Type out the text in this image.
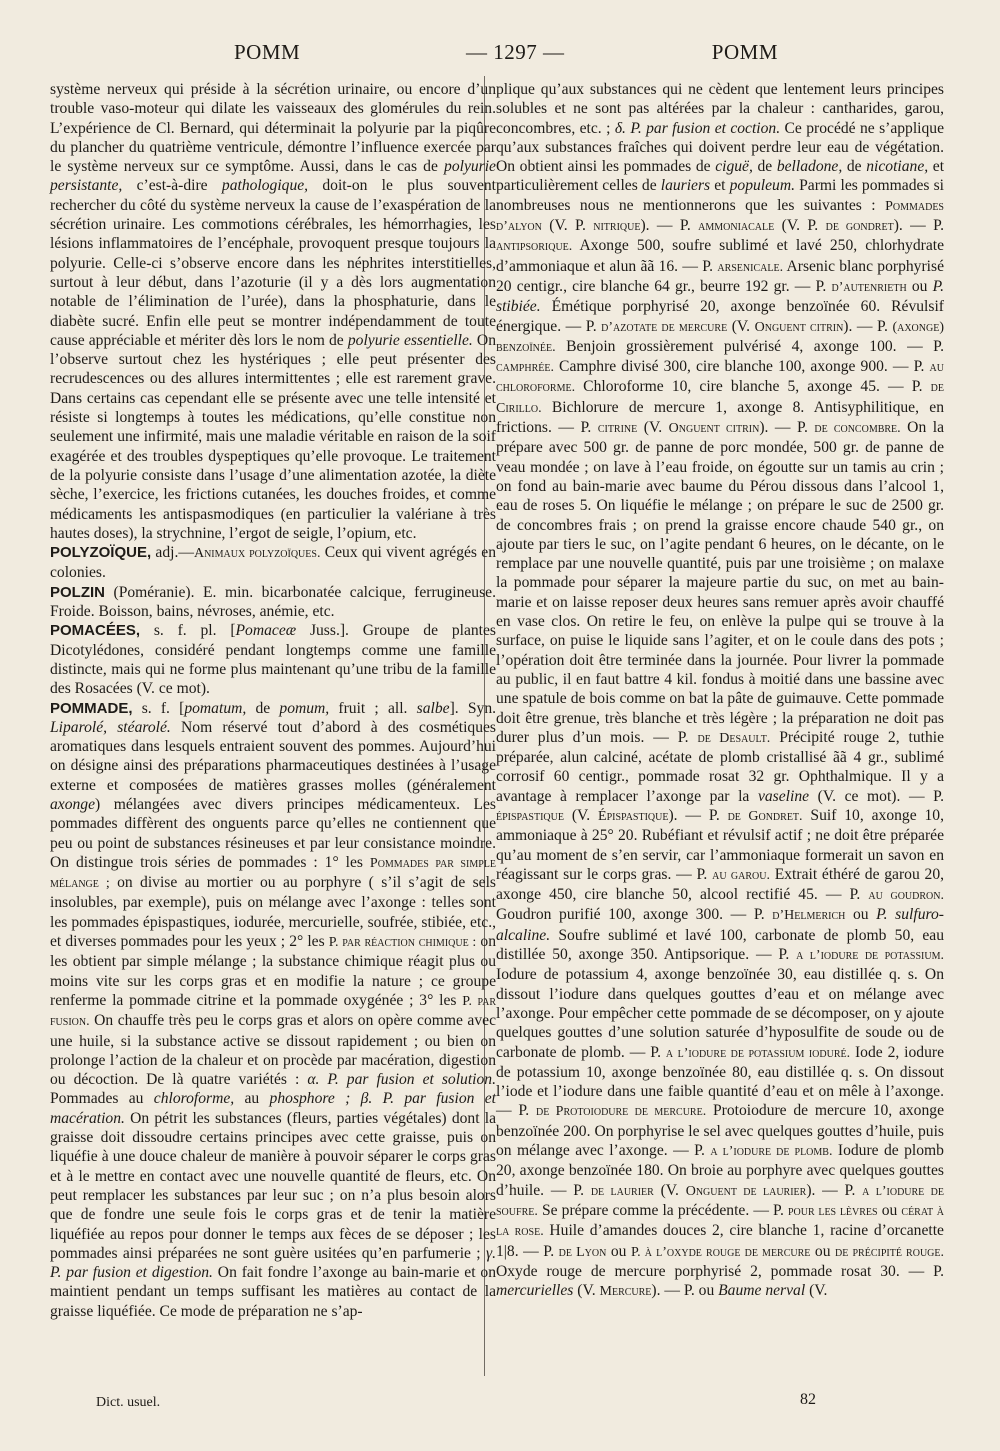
POMM	— 1297 —	POMM

système nerveux qui préside à la sécrétion urinaire, ou encore d’un trouble vaso-moteur qui dilate les vaisseaux des glomérules du rein. L’expérience de Cl. Bernard, qui déterminait la polyurie par la piqûre du plancher du quatrième ventricule, démontre l’influence exercée par le système nerveux sur ce symptôme. Aussi, dans le cas de polyurie persistante, c’est-à-dire pathologique, doit-on le plus souvent rechercher du côté du système nerveux la cause de l’exaspération de la sécrétion urinaire. Les commotions cérébrales, les hémorrhagies, les lésions inflammatoires de l’encéphale, provoquent presque toujours la polyurie. Celle-ci s’observe encore dans les néphrites interstitielles, surtout à leur début, dans l’azoturie (il y a dès lors augmentation notable de l’élimination de l’urée), dans la phosphaturie, dans le diabète sucré. Enfin elle peut se montrer indépendamment de toute cause appréciable et mériter dès lors le nom de polyurie essentielle. On l’observe surtout chez les hystériques ; elle peut présenter des recrudescences ou des allures intermittentes ; elle est rarement grave. Dans certains cas cependant elle se présente avec une telle intensité et résiste si longtemps à toutes les médications, qu’elle constitue non seulement une infirmité, mais une maladie véritable en raison de la soif exagérée et des troubles dyspeptiques qu’elle provoque. Le traitement de la polyurie consiste dans l’usage d’une alimentation azotée, la diète sèche, l’exercice, les frictions cutanées, les douches froides, et comme médicaments les antispasmodiques (en particulier la valériane à très hautes doses), la strychnine, l’ergot de seigle, l’opium, etc.

POLYZOÏQUE, adj.—Animaux polyzoïques. Ceux qui vivent agrégés en colonies.

POLZIN (Poméranie). E. min. bicarbonatée calcique, ferrugineuse. Froide. Boisson, bains, névroses, anémie, etc.

POMACÉES, s. f. pl. [Pomaceæ Juss.]. Groupe de plantes Dicotylédones, considéré pendant longtemps comme une famille distincte, mais qui ne forme plus maintenant qu’une tribu de la famille des Rosacées (V. ce mot).

POMMADE, s. f. [pomatum, de pomum, fruit ; all. salbe]. Syn. Liparolé, stéarolé. Nom réservé tout d’abord à des cosmétiques aromatiques dans lesquels entraient souvent des pommes. Aujourd’hui on désigne ainsi des préparations pharmaceutiques destinées à l’usage externe et composées de matières grasses molles (généralement axonge) mélangées avec divers principes médicamenteux. Les pommades diffèrent des onguents parce qu’elles ne contiennent que peu ou point de substances résineuses et par leur consistance moindre. On distingue trois séries de pommades : 1° les Pommades par simple mélange ; on divise au mortier ou au porphyre ( s’il s’agit de sels insolubles, par exemple), puis on mélange avec l’axonge : telles sont les pommades épispastiques, iodurée, mercurielle, soufrée, stibiée, etc., et diverses pommades pour les yeux ; 2° les P. par réaction chimique : on les obtient par simple mélange ; la substance chimique réagit plus ou moins vite sur les corps gras et en modifie la nature ; ce groupe renferme la pommade citrine et la pommade oxygénée ; 3° les P. par fusion. On chauffe très peu le corps gras et alors on opère comme avec une huile, si la substance active se dissout rapidement ; ou bien on prolonge l’action de la chaleur et on procède par macération, digestion ou décoction. De là quatre variétés : α. P. par fusion et solution. Pommades au chloroforme, au phosphore ; β. P. par fusion et macération. On pétrit les substances (fleurs, parties végétales) dont la graisse doit dissoudre certains principes avec cette graisse, puis on liquéfie à une douce chaleur de manière à pouvoir séparer le corps gras et à le mettre en contact avec une nouvelle quantité de fleurs, etc. On peut remplacer les substances par leur suc ; on n’a plus besoin alors que de fondre une seule fois le corps gras et de tenir la matière liquéfiée au repos pour donner le temps aux fèces de se déposer ; les pommades ainsi préparées ne sont guère usitées qu’en parfumerie ; γ. P. par fusion et digestion. On fait fondre l’axonge au bain-marie et on maintient pendant un temps suffisant les matières au contact de la graisse liquéfiée. Ce mode de préparation ne s’ap-

plique qu’aux substances qui ne cèdent que lentement leurs principes solubles et ne sont pas altérées par la chaleur : cantharides, garou, concombres, etc. ; δ. P. par fusion et coction. Ce procédé ne s’applique qu’aux substances fraîches qui doivent perdre leur eau de végétation. On obtient ainsi les pommades de ciguë, de belladone, de nicotiane, et particulièrement celles de lauriers et populeum. Parmi les pommades si nombreuses nous ne mentionnerons que les suivantes : Pommades d’alyon (V. P. nitrique). — P. ammoniacale (V. P. de gondret). — P. antipsorique. Axonge 500, soufre sublimé et lavé 250, chlorhydrate d’ammoniaque et alun ãã 16. — P. arsenicale. Arsenic blanc porphyrisé 20 centigr., cire blanche 64 gr., beurre 192 gr. — P. d’autenrieth ou P. stibiée. Émétique porphyrisé 20, axonge benzoïnée 60. Révulsif énergique. — P. d’azotate de mercure (V. Onguent citrin). — P. (axonge) benzoïnée. Benjoin grossièrement pulvérisé 4, axonge 100. — P. camphrée. Camphre divisé 300, cire blanche 100, axonge 900. — P. au chloroforme. Chloroforme 10, cire blanche 5, axonge 45. — P. de Cirillo. Bichlorure de mercure 1, axonge 8. Antisyphilitique, en frictions. — P. citrine (V. Onguent citrin). — P. de concombre. On la prépare avec 500 gr. de panne de porc mondée, 500 gr. de panne de veau mondée ; on lave à l’eau froide, on égoutte sur un tamis au crin ; on fond au bain-marie avec baume du Pérou dissous dans l’alcool 1, eau de roses 5. On liquéfie le mélange ; on prépare le suc de 2500 gr. de concombres frais ; on prend la graisse encore chaude 540 gr., on ajoute par tiers le suc, on l’agite pendant 6 heures, on le décante, on le remplace par une nouvelle quantité, puis par une troisième ; on malaxe la pommade pour séparer la majeure partie du suc, on met au bain-marie et on laisse reposer deux heures sans remuer après avoir chauffé en vase clos. On retire le feu, on enlève la pulpe qui se trouve à la surface, on puise le liquide sans l’agiter, et on le coule dans des pots ; l’opération doit être terminée dans la journée. Pour livrer la pommade au public, il en faut battre 4 kil. fondus à moitié dans une bassine avec une spatule de bois comme on bat la pâte de guimauve. Cette pommade doit être grenue, très blanche et très légère ; la préparation ne doit pas durer plus d’un mois. — P. de Desault. Précipité rouge 2, tuthie préparée, alun calciné, acétate de plomb cristallisé ãã 4 gr., sublimé corrosif 60 centigr., pommade rosat 32 gr. Ophthalmique. Il y a avantage à remplacer l’axonge par la vaseline (V. ce mot). — P. épispastique (V. Épispastique). — P. de Gondret. Suif 10, axonge 10, ammoniaque à 25° 20. Rubéfiant et révulsif actif ; ne doit être préparée qu’au moment de s’en servir, car l’ammoniaque formerait un savon en réagissant sur le corps gras. — P. au garou. Extrait éthéré de garou 20, axonge 450, cire blanche 50, alcool rectifié 45. — P. au goudron. Goudron purifié 100, axonge 300. — P. d’Helmerich ou P. sulfuro-alcaline. Soufre sublimé et lavé 100, carbonate de plomb 50, eau distillée 50, axonge 350. Antipsorique. — P. a l’iodure de potassium. Iodure de potassium 4, axonge benzoïnée 30, eau distillée q. s. On dissout l’iodure dans quelques gouttes d’eau et on mélange avec l’axonge. Pour empêcher cette pommade de se décomposer, on y ajoute quelques gouttes d’une solution saturée d’hyposulfite de soude ou de carbonate de plomb. — P. a l’iodure de potassium ioduré. Iode 2, iodure de potassium 10, axonge benzoïnée 80, eau distillée q. s. On dissout l’iode et l’iodure dans une faible quantité d’eau et on mêle à l’axonge. — P. de Protoiodure de mercure. Protoiodure de mercure 10, axonge benzoïnée 200. On porphyrise le sel avec quelques gouttes d’huile, puis on mélange avec l’axonge. — P. a l’iodure de plomb. Iodure de plomb 20, axonge benzoïnée 180. On broie au porphyre avec quelques gouttes d’huile. — P. de laurier (V. Onguent de laurier). — P. a l’iodure de soufre. Se prépare comme la précédente. — P. pour les lèvres ou cérat à la rose. Huile d’amandes douces 2, cire blanche 1, racine d’orcanette 1|8. — P. de Lyon ou P. à l’oxyde rouge de mercure ou de précipité rouge. Oxyde rouge de mercure porphyrisé 2, pommade rosat 30. — P. mercurielles (V. Mercure). — P. ou Baume nerval (V.

Dict. usuel.	82
